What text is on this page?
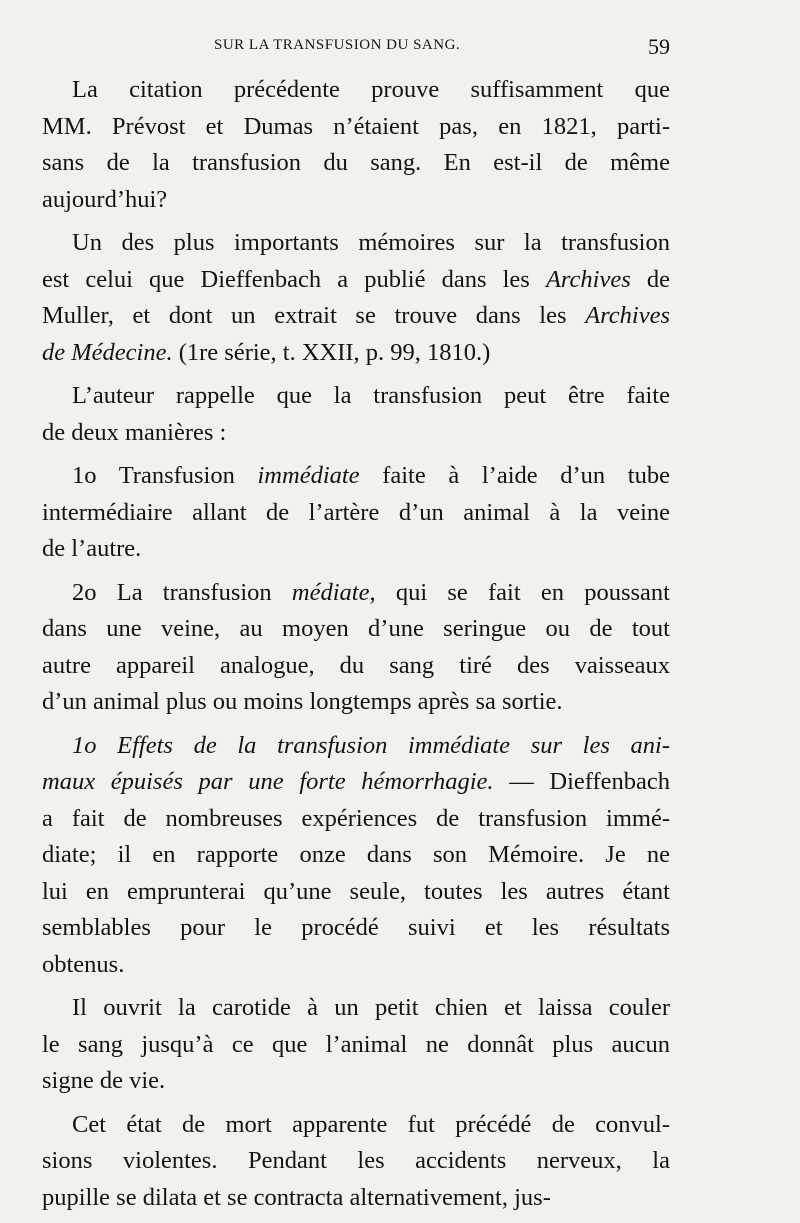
SUR LA TRANSFUSION DU SANG.	59
La citation précédente prouve suffisamment que
MM. Prévost et Dumas n’étaient pas, en 1821, parti-
sans de la transfusion du sang. En est-il de même
aujourd’hui?
Un des plus importants mémoires sur la transfusion
est celui que Dieffenbach a publié dans les Archives de
Muller, et dont un extrait se trouve dans les Archives
de Médecine. (1re série, t. XXII, p. 99, 1810.)
L’auteur rappelle que la transfusion peut être faite
de deux manières :
1o Transfusion immédiate faite à l’aide d’un tube
intermédiaire allant de l’artère d’un animal à la veine
de l’autre.
2o La transfusion médiate, qui se fait en poussant
dans une veine, au moyen d’une seringue ou de tout
autre appareil analogue, du sang tiré des vaisseaux
d’un animal plus ou moins longtemps après sa sortie.
1o Effets de la transfusion immédiate sur les ani-
maux épuisés par une forte hémorrhagie. — Dieffenbach
a fait de nombreuses expériences de transfusion immé-
diate; il en rapporte onze dans son Mémoire. Je ne
lui en emprunterai qu’une seule, toutes les autres étant
semblables pour le procédé suivi et les résultats
obtenus.
Il ouvrit la carotide à un petit chien et laissa couler
le sang jusqu’à ce que l’animal ne donnât plus aucun
signe de vie.
Cet état de mort apparente fut précédé de convul-
sions violentes. Pendant les accidents nerveux, la
pupille se dilata et se contracta alternativement, jus-
